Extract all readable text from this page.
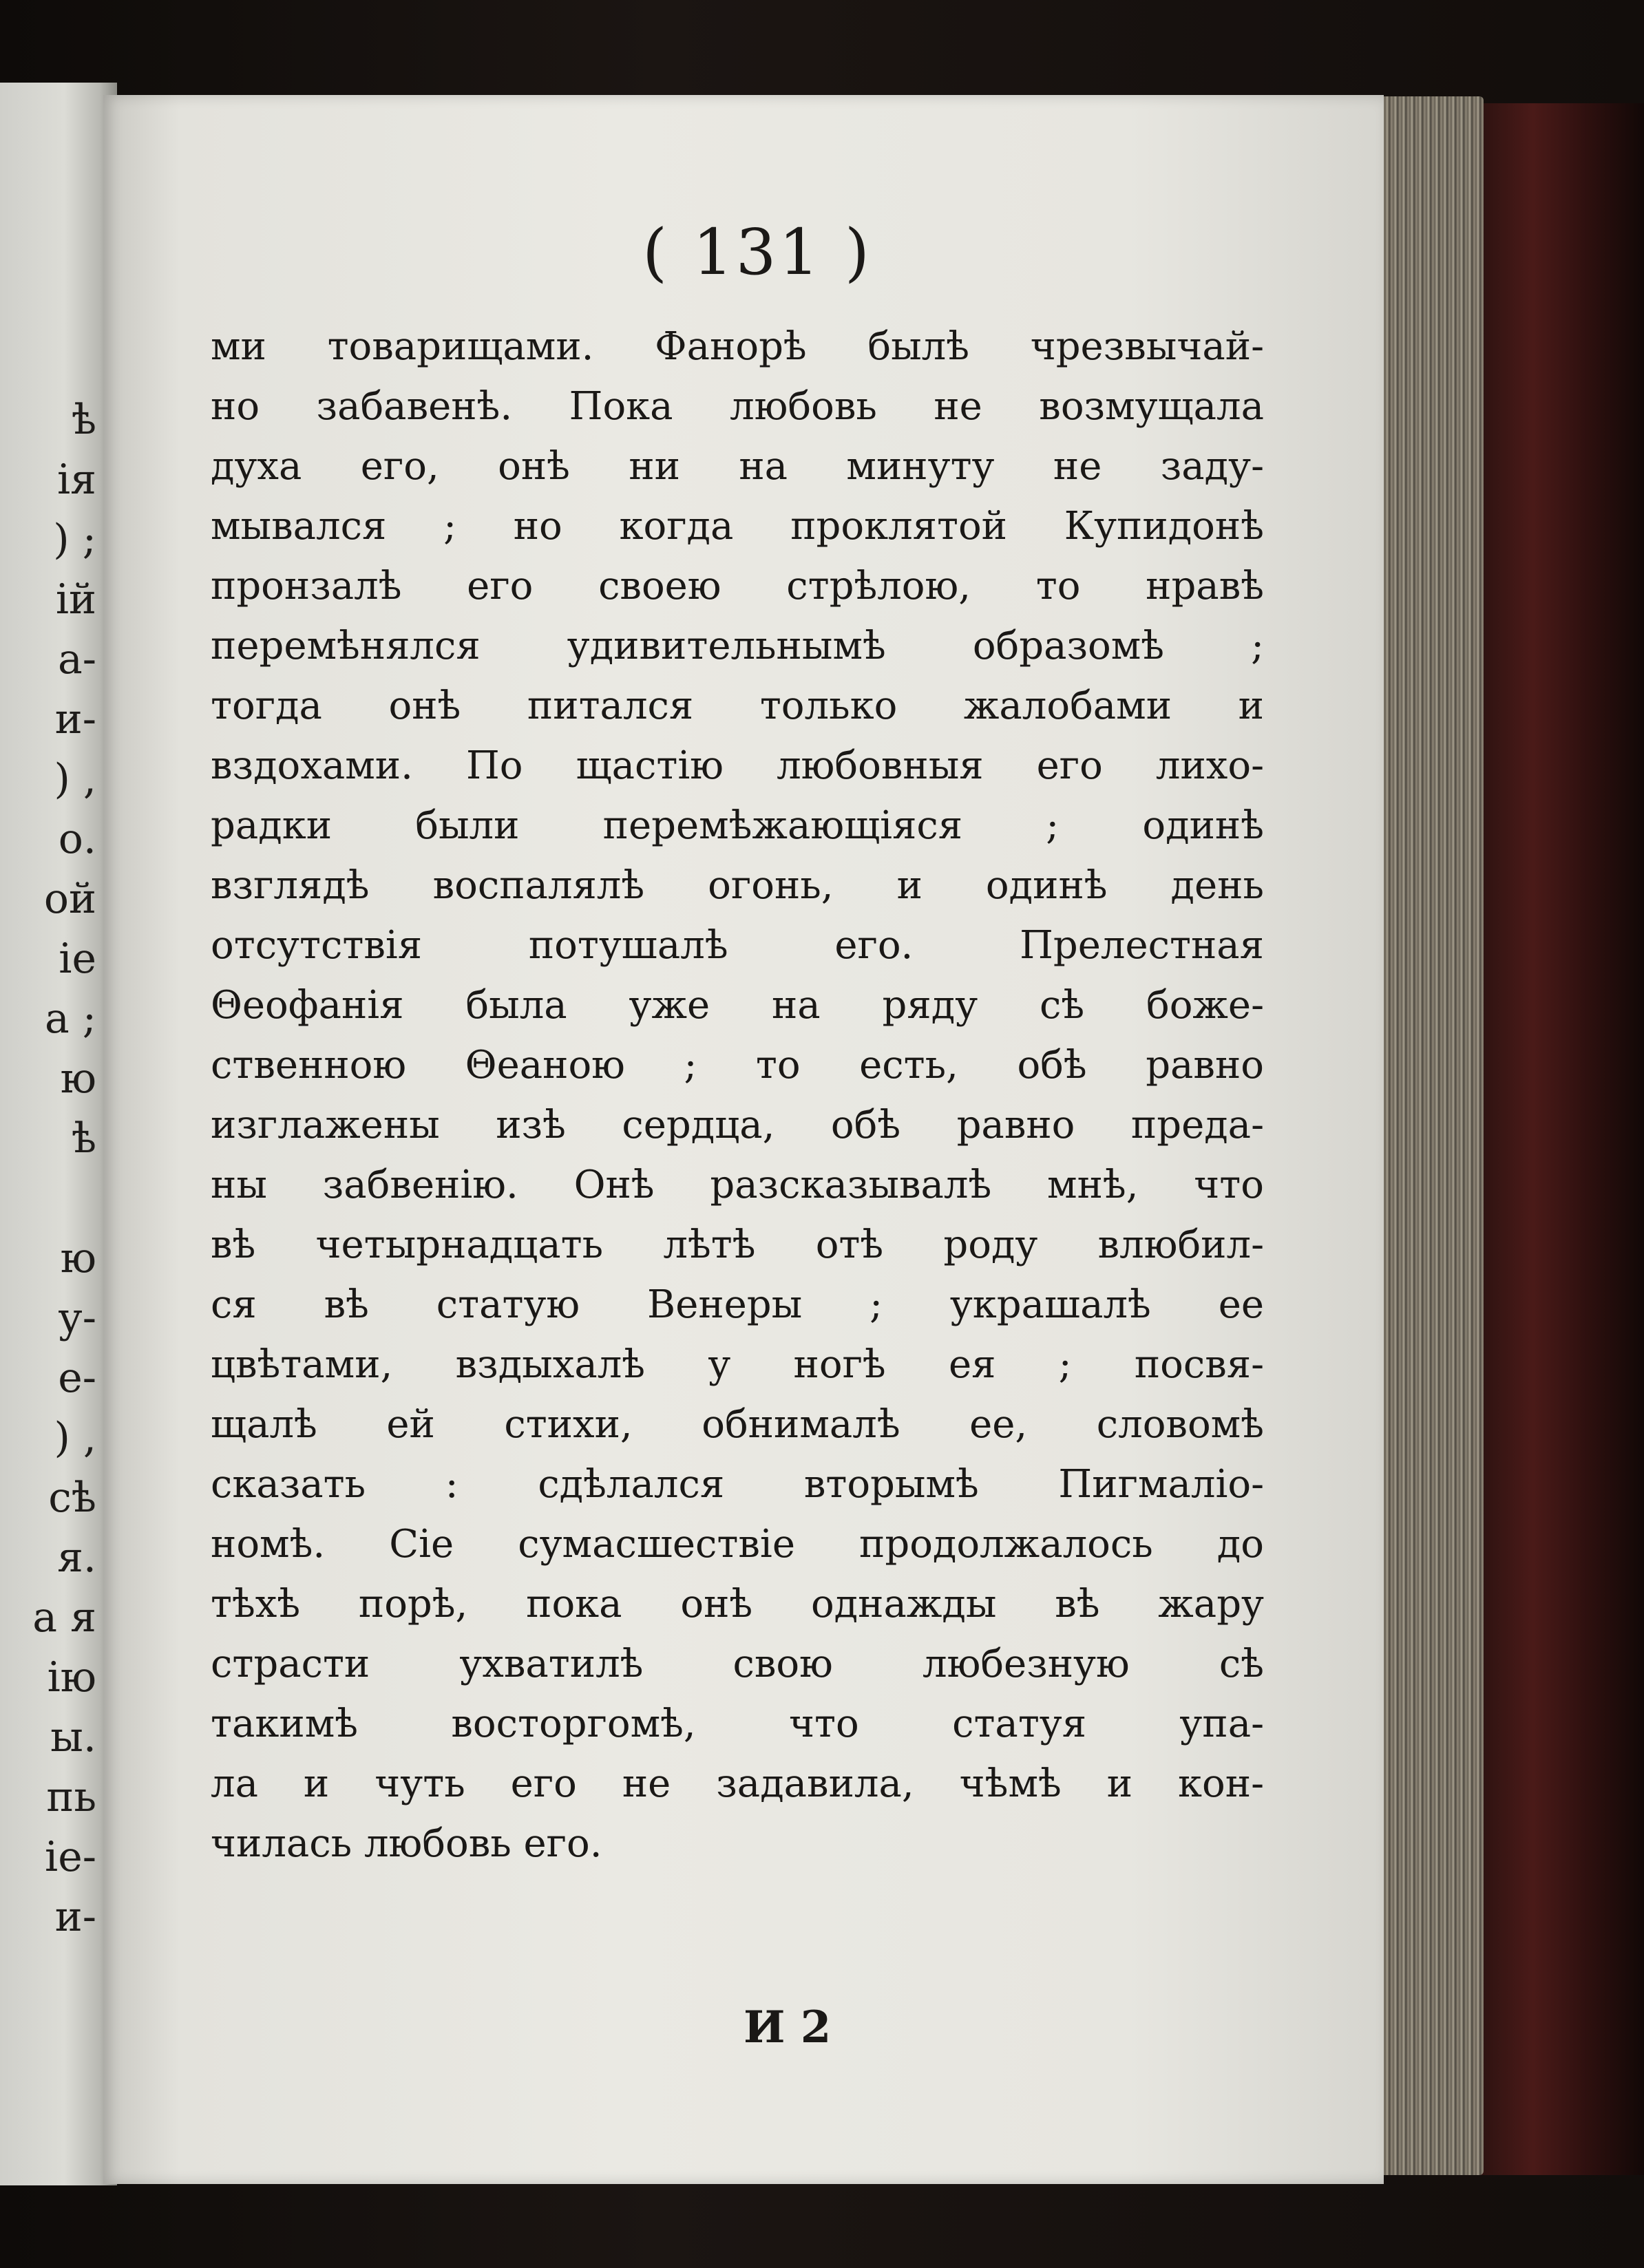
ѣ
ія
) ;
ій
а-
и-
) ,
о.
ой
іе
а ;
ю
ѣ
ю
у-
е-
) ,
сѣ
я.
а я
ію
ы.
пь
іе-
и-
( 131 )
ми товарищами. Фанорѣ былѣ чрезвычай-
но забавенѣ. Пока любовь не возмущала
духа его, онѣ ни на минуту не заду-
мывался ; но когда проклятой Купидонѣ
пронзалѣ его своею стрѣлою, то нравѣ
перемѣнялся удивительнымѣ образомѣ ;
тогда онѣ питался только жалобами и
вздохами. По щастію любовныя его лихо-
радки были перемѣжающіяся ; одинѣ
взглядѣ воспалялѣ огонь, и одинѣ день
отсутствія потушалѣ его. Прелестная
Θеофанія была уже на ряду сѣ боже-
ственною Θеаною ; то есть, обѣ равно
изглажены изѣ сердца, обѣ равно преда-
ны забвенію. Онѣ разсказывалѣ мнѣ, что
вѣ четырнадцать лѣтѣ отѣ роду влюбил-
ся вѣ статую Венеры ; украшалѣ ее
цвѣтами, вздыхалѣ у ногѣ ея ; посвя-
щалѣ ей стихи, обнималѣ ее, словомѣ
сказать : сдѣлался вторымѣ Пигмаліо-
номѣ. Сіе сумасшествіе продолжалось до
тѣхѣ порѣ, пока онѣ однажды вѣ жару
страсти ухватилѣ свою любезную сѣ
такимѣ восторгомѣ, что статуя упа-
ла и чуть его не задавила, чѣмѣ и кон-
чилась любовь его.
И 2
